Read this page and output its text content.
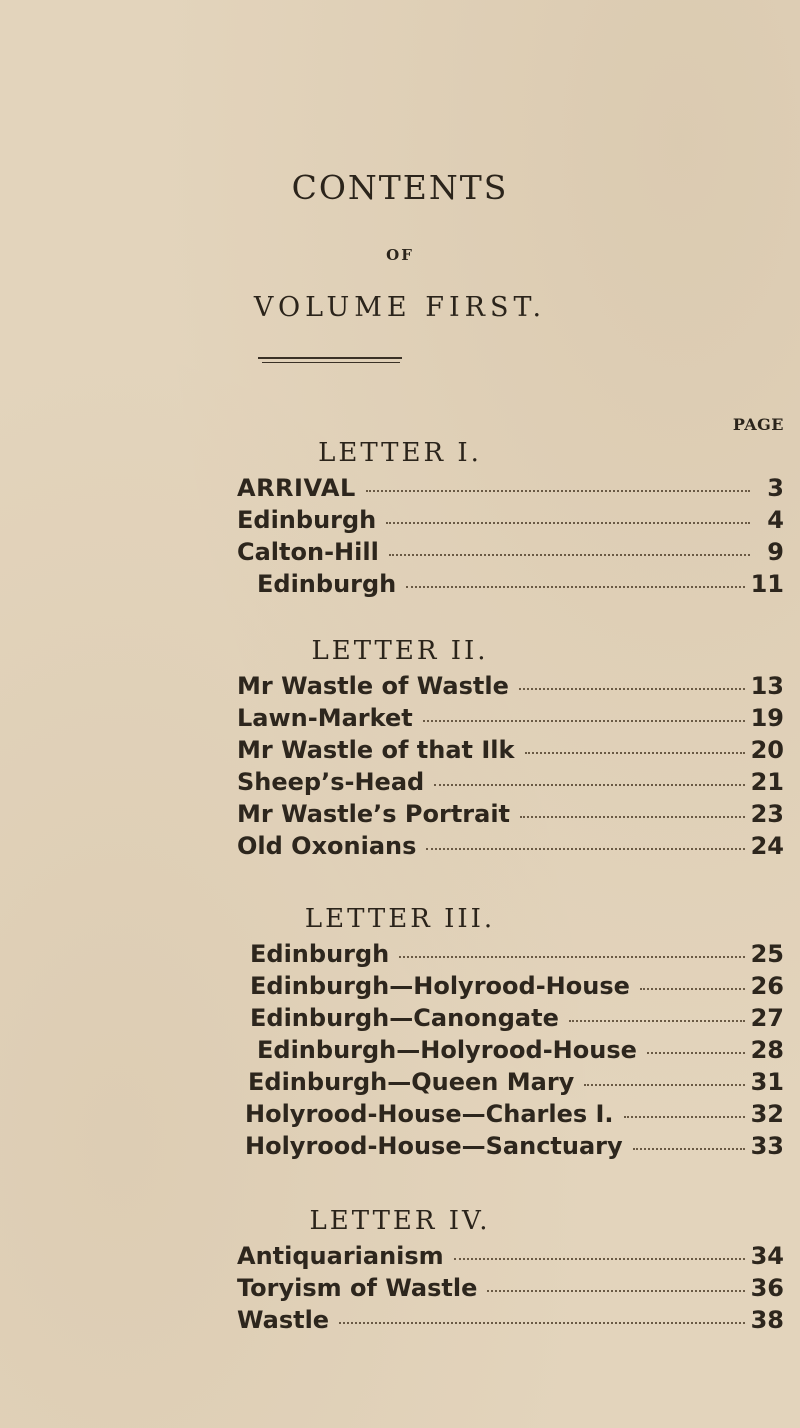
CONTENTS
OF
VOLUME FIRST.
PAGE
LETTER I.
ARRIVAL	3
Edinburgh	4
Calton-Hill	9
Edinburgh	11
LETTER II.
Mr Wastle of Wastle	13
Lawn-Market	19
Mr Wastle of that Ilk	20
Sheep’s-Head	21
Mr Wastle’s Portrait	23
Old Oxonians	24
LETTER III.
Edinburgh	25
Edinburgh—Holyrood-House	26
Edinburgh—Canongate	27
Edinburgh—Holyrood-House	28
Edinburgh—Queen Mary	31
Holyrood-House—Charles I.	32
Holyrood-House—Sanctuary	33
LETTER IV.
Antiquarianism	34
Toryism of Wastle	36
Wastle	38
